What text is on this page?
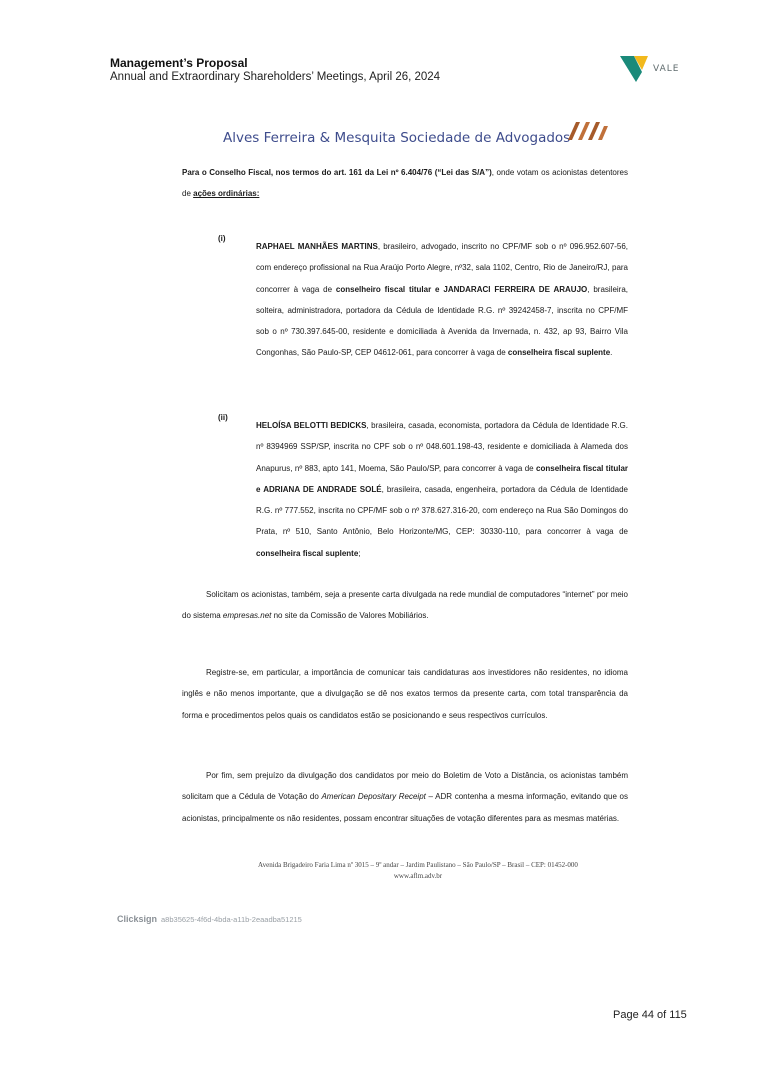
Management’s Proposal
Annual and Extraordinary Shareholders’ Meetings, April 26, 2024
VALE
Alves Ferreira & Mesquita Sociedade de Advogados

Para o Conselho Fiscal, nos termos do art. 161 da Lei nº 6.404/76 (“Lei das S/A”), onde votam os acionistas detentores de ações ordinárias:

(i)

RAPHAEL MANHÃES MARTINS, brasileiro, advogado, inscrito no CPF/MF sob o nº 096.952.607-56, com endereço profissional na Rua Araújo Porto Alegre, nº32, sala 1102, Centro, Rio de Janeiro/RJ, para concorrer à vaga de conselheiro fiscal titular e JANDARACI FERREIRA DE ARAUJO, brasileira, solteira, administradora, portadora da Cédula de Identidade R.G. nº 39242458-7, inscrita no CPF/MF sob o nº 730.397.645-00, residente e domiciliada à Avenida da Invernada, n. 432, ap 93, Bairro Vila Congonhas, São Paulo-SP, CEP 04612-061, para concorrer à vaga de conselheira fiscal suplente.

(ii)

HELOÍSA BELOTTI BEDICKS, brasileira, casada, economista, portadora da Cédula de Identidade R.G. nº 8394969 SSP/SP, inscrita no CPF sob o nº 048.601.198-43, residente e domiciliada à Alameda dos Anapurus, nº 883, apto 141, Moema, São Paulo/SP, para concorrer à vaga de conselheira fiscal titular e ADRIANA DE ANDRADE SOLÉ, brasileira, casada, engenheira, portadora da Cédula de Identidade R.G. nº 777.552, inscrita no CPF/MF sob o nº 378.627.316-20, com endereço na Rua São Domingos do Prata, nº 510, Santo Antônio, Belo Horizonte/MG, CEP: 30330-110, para concorrer à vaga de conselheira fiscal suplente;

   Solicitam os acionistas, também, seja a presente carta divulgada na rede mundial de computadores “internet” por meio do sistema empresas.net no site da Comissão de Valores Mobiliários.

   Registre-se, em particular, a importância de comunicar tais candidaturas aos investidores não residentes, no idioma inglês e não menos importante, que a divulgação se dê nos exatos termos da presente carta, com total transparência da forma e procedimentos pelos quais os candidatos estão se posicionando e seus respectivos currículos.

   Por fim, sem prejuízo da divulgação dos candidatos por meio do Boletim de Voto a Distância, os acionistas também solicitam que a Cédula de Votação do American Depositary Receipt – ADR contenha a mesma informação, evitando que os acionistas, principalmente os não residentes, possam encontrar situações de votação diferentes para as mesmas matérias.

Avenida Brigadeiro Faria Lima nº 3015 – 9º andar – Jardim Paulistano – São Paulo/SP – Brasil – CEP: 01452-000
www.aflm.adv.br
Clicksign a8b35625-4f6d-4bda-a11b-2eaadba51215
Page 44 of 115
